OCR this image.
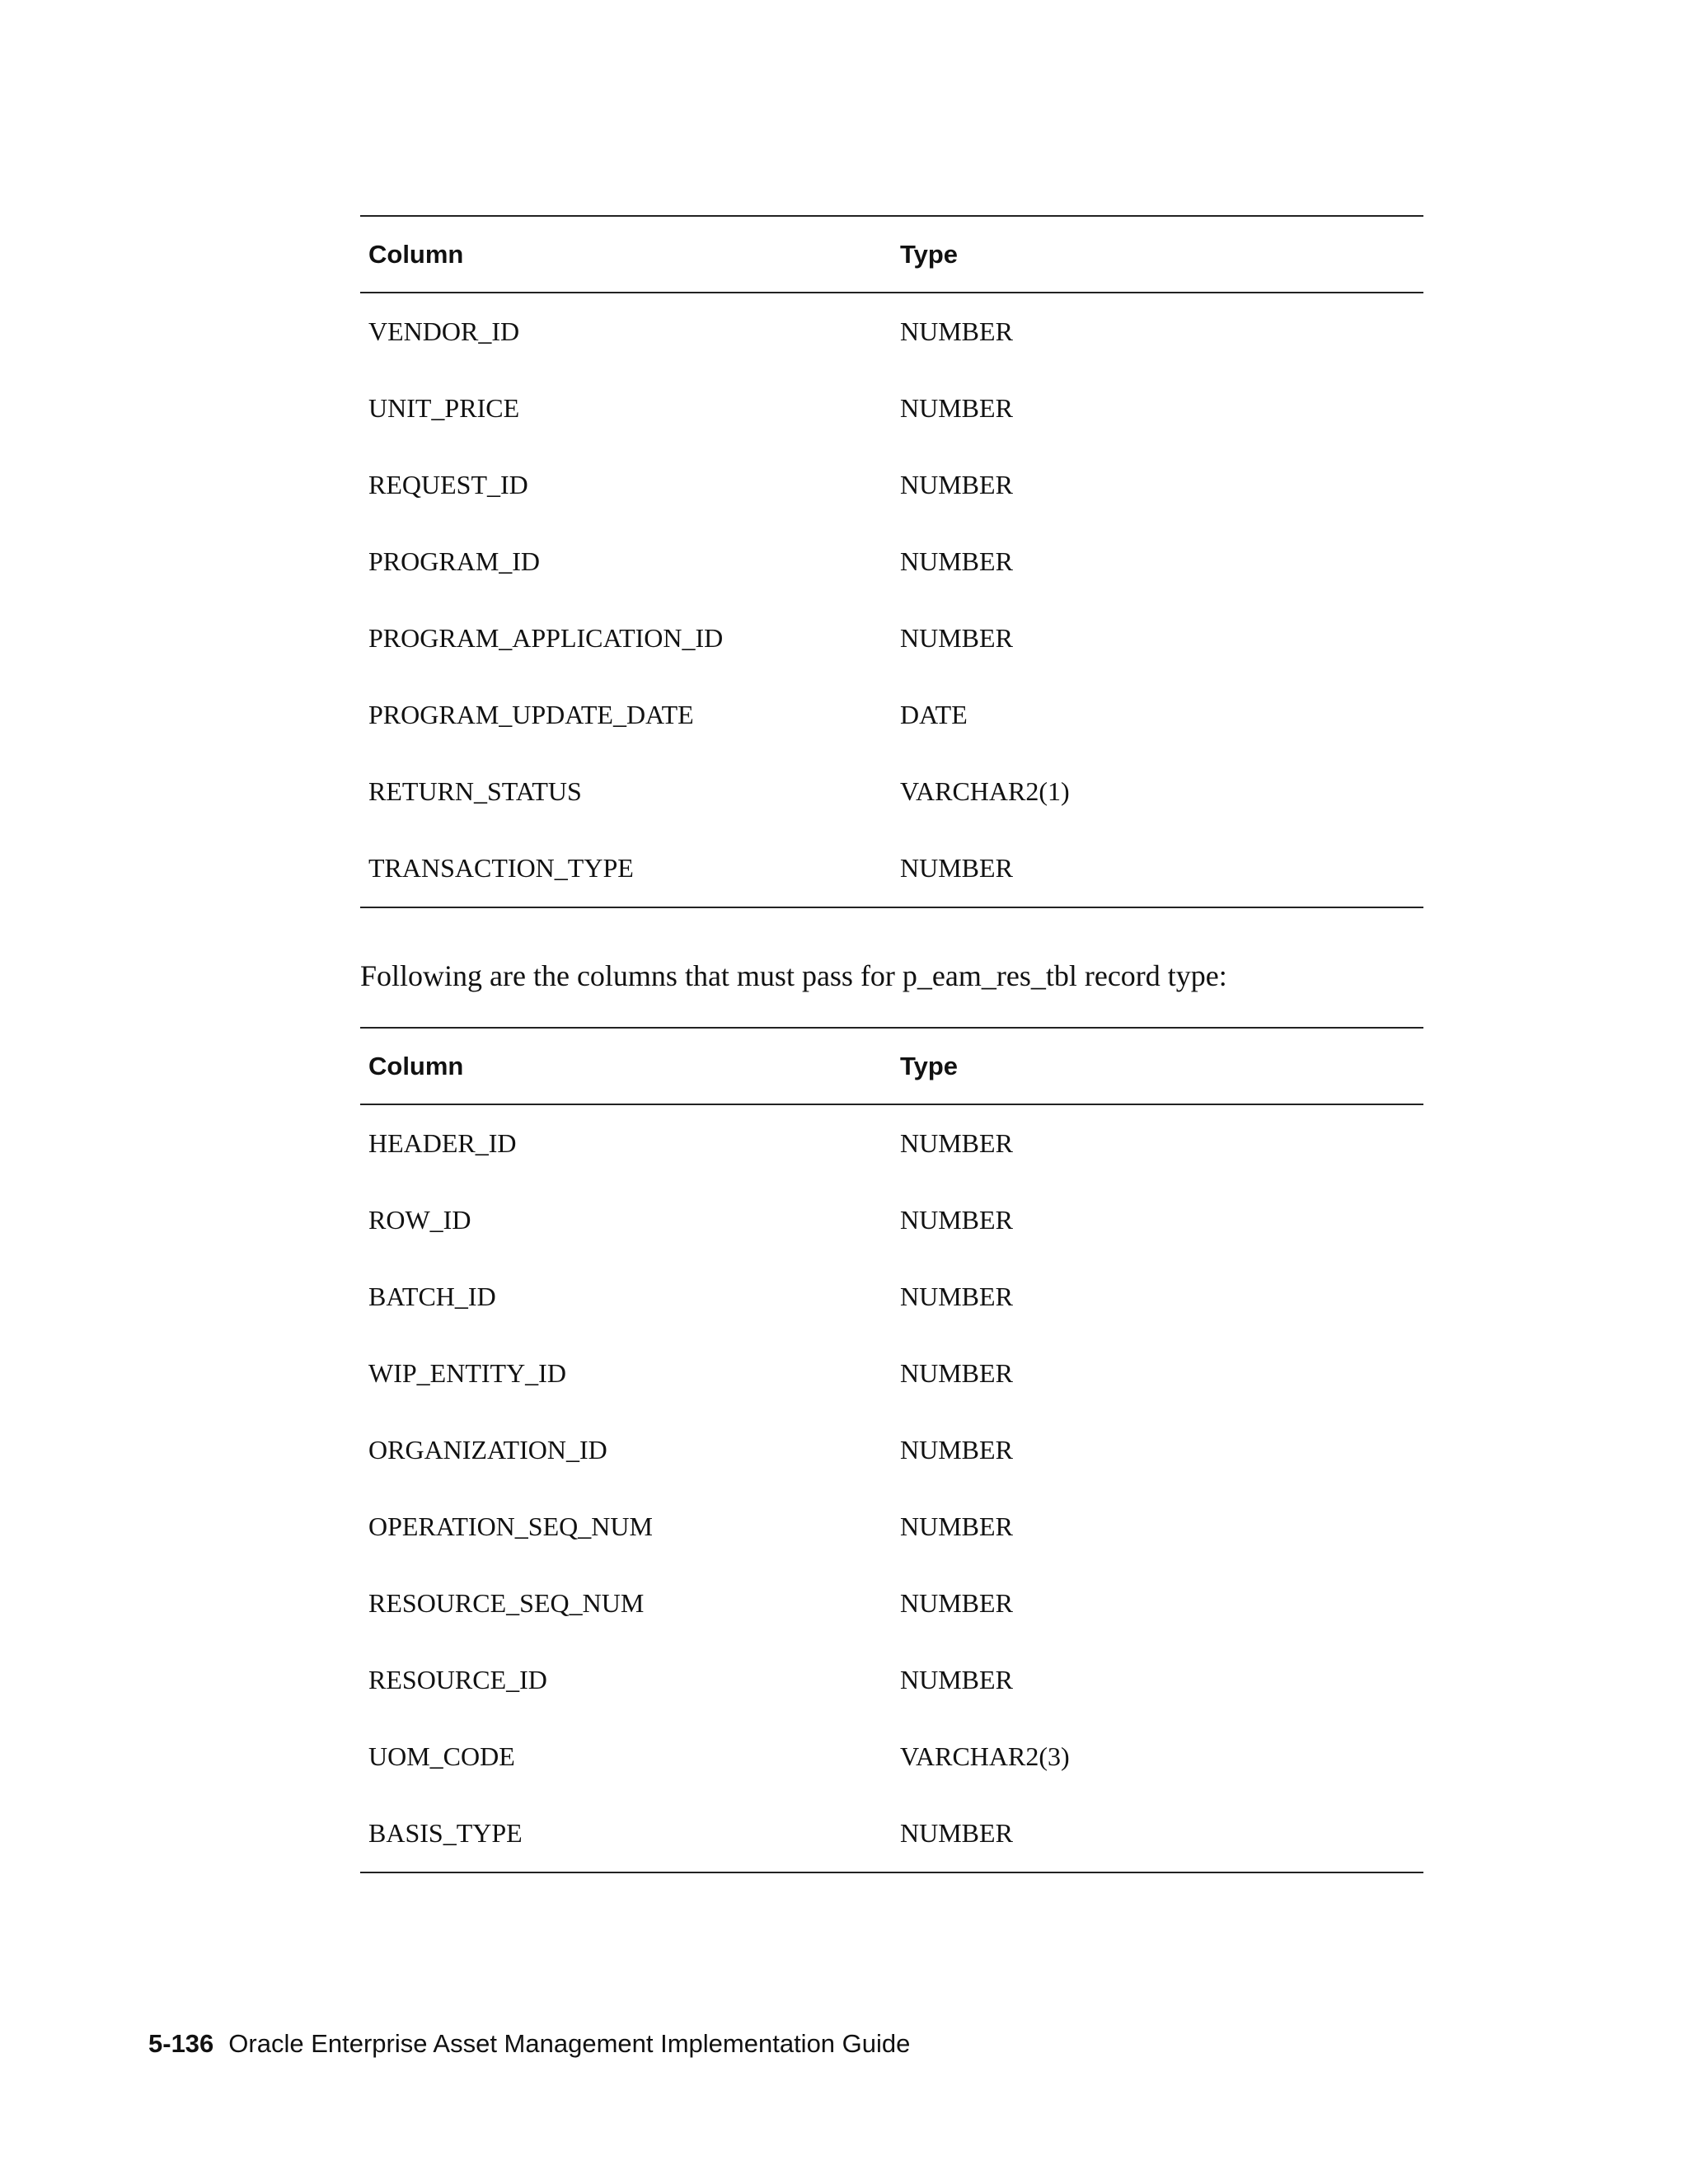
Column	Type
VENDOR_ID	NUMBER
UNIT_PRICE	NUMBER
REQUEST_ID	NUMBER
PROGRAM_ID	NUMBER
PROGRAM_APPLICATION_ID	NUMBER
PROGRAM_UPDATE_DATE	DATE
RETURN_STATUS	VARCHAR2(1)
TRANSACTION_TYPE	NUMBER

Following are the columns that must pass for p_eam_res_tbl record type:

Column	Type
HEADER_ID	NUMBER
ROW_ID	NUMBER
BATCH_ID	NUMBER
WIP_ENTITY_ID	NUMBER
ORGANIZATION_ID	NUMBER
OPERATION_SEQ_NUM	NUMBER
RESOURCE_SEQ_NUM	NUMBER
RESOURCE_ID	NUMBER
UOM_CODE	VARCHAR2(3)
BASIS_TYPE	NUMBER
5-136 Oracle Enterprise Asset Management Implementation Guide
